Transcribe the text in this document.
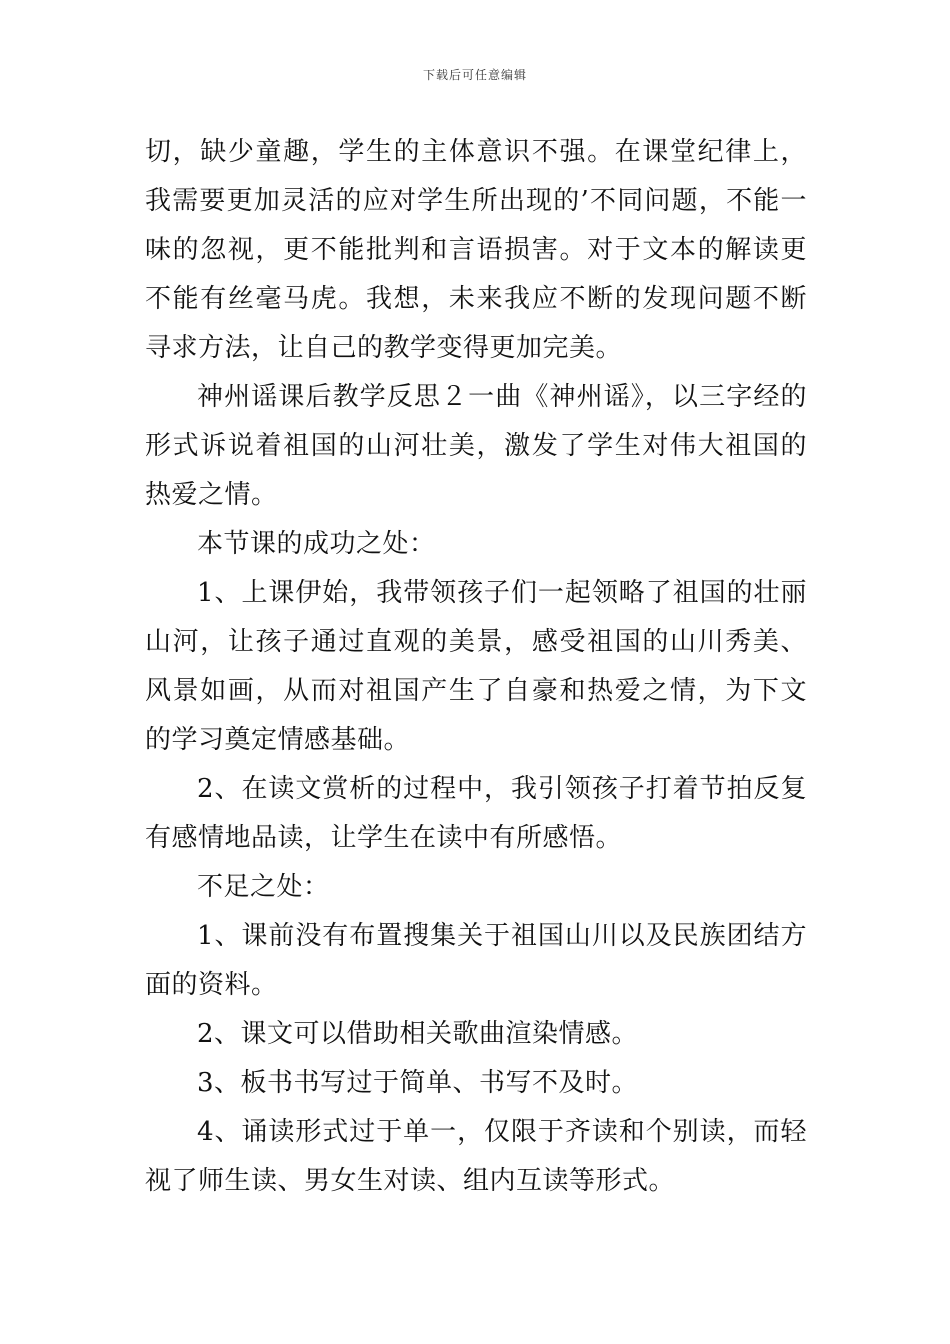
下载后可任意编辑

切，缺少童趣，学生的主体意识不强。在课堂纪律上，我需要更加灵活的应对学生所出现的’不同问题，不能一味的忽视，更不能批判和言语损害。对于文本的解读更不能有丝毫马虎。我想，未来我应不断的发现问题不断寻求方法，让自己的教学变得更加完美。

神州谣课后教学反思２一曲《神州谣》，以三字经的形式诉说着祖国的山河壮美，激发了学生对伟大祖国的热爱之情。

本节课的成功之处：

1、上课伊始，我带领孩子们一起领略了祖国的壮丽山河，让孩子通过直观的美景，感受祖国的山川秀美、风景如画，从而对祖国产生了自豪和热爱之情，为下文的学习奠定情感基础。

2、在读文赏析的过程中，我引领孩子打着节拍反复有感情地品读，让学生在读中有所感悟。

不足之处：

1、课前没有布置搜集关于祖国山川以及民族团结方面的资料。

2、课文可以借助相关歌曲渲染情感。

3、板书书写过于简单、书写不及时。

4、诵读形式过于单一，仅限于齐读和个别读，而轻视了师生读、男女生对读、组内互读等形式。
